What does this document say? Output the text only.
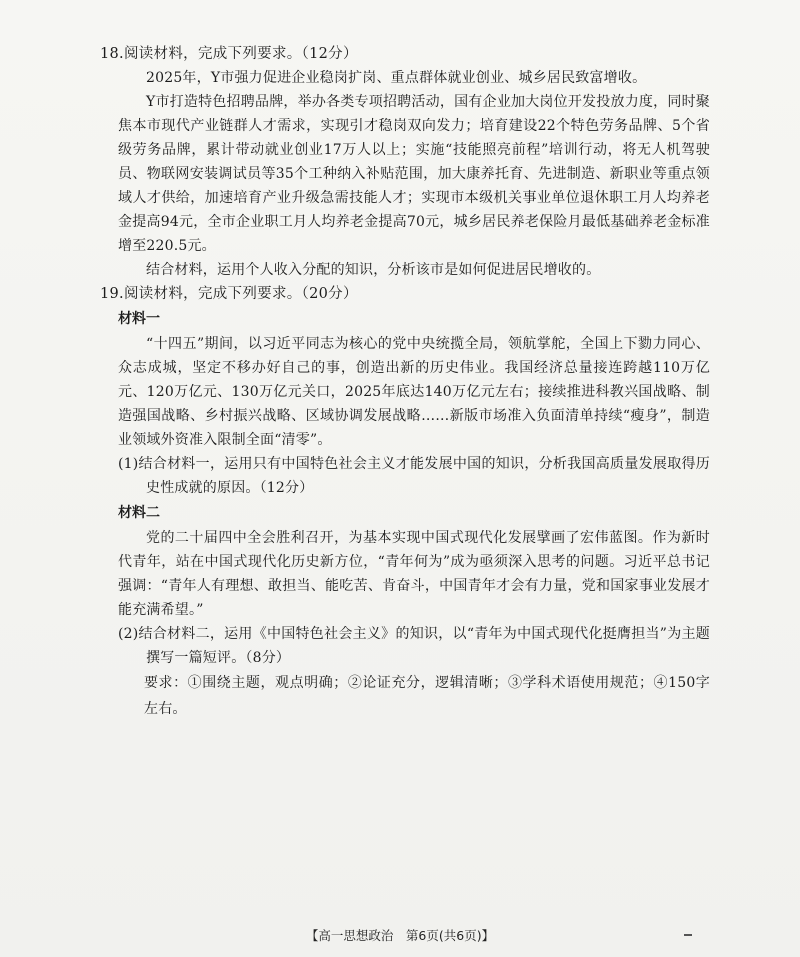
18.阅读材料，完成下列要求。（12分）

2025年，Y市强力促进企业稳岗扩岗、重点群体就业创业、城乡居民致富增收。

Y市打造特色招聘品牌，举办各类专项招聘活动，国有企业加大岗位开发投放力度，同时聚焦本市现代产业链群人才需求，实现引才稳岗双向发力；培育建设22个特色劳务品牌、5个省级劳务品牌，累计带动就业创业17万人以上；实施“技能照亮前程”培训行动，将无人机驾驶员、物联网安装调试员等35个工种纳入补贴范围，加大康养托育、先进制造、新职业等重点领域人才供给，加速培育产业升级急需技能人才；实现市本级机关事业单位退休职工月人均养老金提高94元，全市企业职工月人均养老金提高70元，城乡居民养老保险月最低基础养老金标准增至220.5元。

结合材料，运用个人收入分配的知识，分析该市是如何促进居民增收的。

19.阅读材料，完成下列要求。（20分）

材料一

“十四五”期间，以习近平同志为核心的党中央统揽全局，领航掌舵，全国上下勠力同心、众志成城，坚定不移办好自己的事，创造出新的历史伟业。我国经济总量接连跨越110万亿元、120万亿元、130万亿元关口，2025年底达140万亿元左右；接续推进科教兴国战略、制造强国战略、乡村振兴战略、区域协调发展战略……新版市场准入负面清单持续“瘦身”，制造业领域外资准入限制全面“清零”。

(1)结合材料一，运用只有中国特色社会主义才能发展中国的知识，分析我国高质量发展取得历史性成就的原因。（12分）

材料二

党的二十届四中全会胜利召开，为基本实现中国式现代化发展擘画了宏伟蓝图。作为新时代青年，站在中国式现代化历史新方位，“青年何为”成为亟须深入思考的问题。习近平总书记强调：“青年人有理想、敢担当、能吃苦、肯奋斗，中国青年才会有力量，党和国家事业发展才能充满希望。”

(2)结合材料二，运用《中国特色社会主义》的知识，以“青年为中国式现代化挺膺担当”为主题撰写一篇短评。（8分）

要求：①围绕主题，观点明确；②论证充分，逻辑清晰；③学科术语使用规范；④150字左右。

【高一思想政治　第6页(共6页)】
